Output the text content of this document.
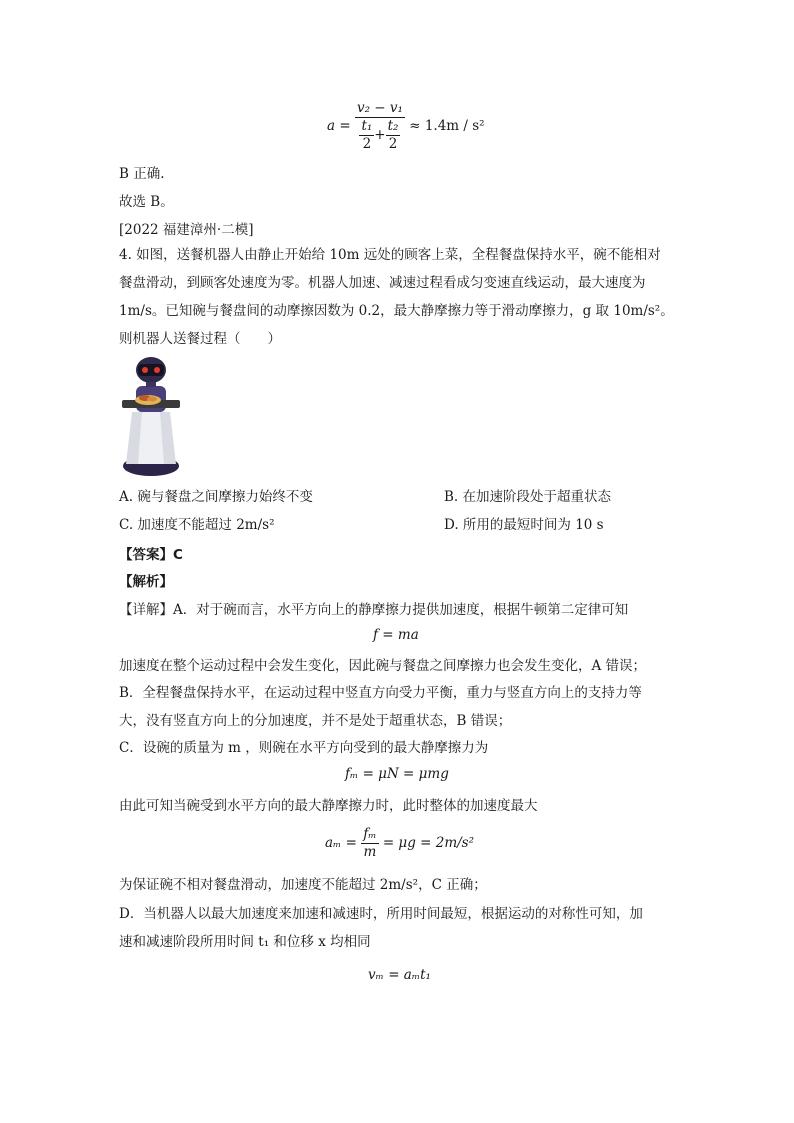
$a = \frac{\text{v₂ − v₁}}{\frac{\text{t₁}}{2} + \frac{\text{t₂}}{2}} \approx 1.4m / s^2$
B 正确.
故选 B。
[2022 福建漳州·二模]
4. 如图，送餐机器人由静止开始给 10m 远处的顾客上菜，全程餐盘保持水平，碗不能相对
餐盘滑动，到顾客处速度为零。机器人加速、减速过程看成匀变速直线运动，最大速度为
1m/s。已知碗与餐盘间的动摩擦因数为 0.2，最大静摩擦力等于滑动摩擦力，g 取 10m/s²。
则机器人送餐过程（　　）
A. 碗与餐盘之间摩擦力始终不变	B. 在加速阶段处于超重状态
C. 加速度不能超过 2m/s²	D. 所用的最短时间为 10 s
【答案】C
【解析】
【详解】A．对于碗而言，水平方向上的静摩擦力提供加速度，根据牛顿第二定律可知
f = ma
加速度在整个运动过程中会发生变化，因此碗与餐盘之间摩擦力也会发生变化，A 错误；
B．全程餐盘保持水平，在运动过程中竖直方向受力平衡，重力与竖直方向上的支持力等
大，没有竖直方向上的分加速度，并不是处于超重状态，B 错误；
C．设碗的质量为 m ，则碗在水平方向受到的最大静摩擦力为
fₘ = μN = μmg
由此可知当碗受到水平方向的最大静摩擦力时，此时整体的加速度最大
$a_m = \frac{\text{fₘ}}{m} = \mu g = 2m/s^2$
为保证碗不相对餐盘滑动，加速度不能超过 2m/s²，C 正确；
D．当机器人以最大加速度来加速和减速时，所用时间最短，根据运动的对称性可知，加
速和减速阶段所用时间 t₁ 和位移 x 均相同
vₘ = aₘt₁
